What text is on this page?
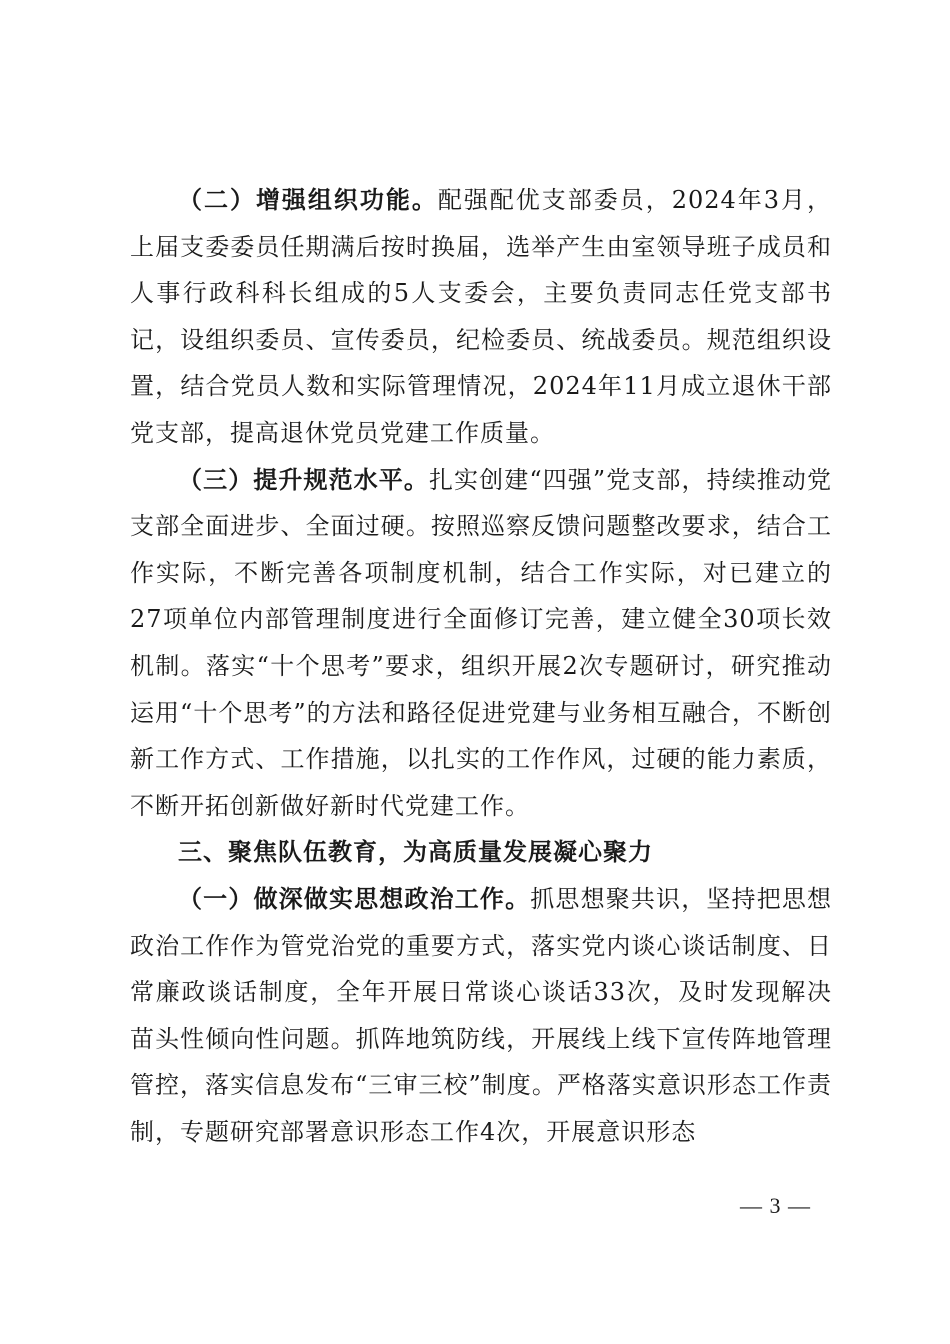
（二）增强组织功能。配强配优支部委员，2024年3月，上届支委委员任期满后按时换届，选举产生由室领导班子成员和人事行政科科长组成的5人支委会，主要负责同志任党支部书记，设组织委员、宣传委员，纪检委员、统战委员。规范组织设置，结合党员人数和实际管理情况，2024年11月成立退休干部党支部，提高退休党员党建工作质量。

（三）提升规范水平。扎实创建“四强”党支部，持续推动党支部全面进步、全面过硬。按照巡察反馈问题整改要求，结合工作实际，不断完善各项制度机制，结合工作实际，对已建立的27项单位内部管理制度进行全面修订完善，建立健全30项长效机制。落实“十个思考”要求，组织开展2次专题研讨，研究推动运用“十个思考”的方法和路径促进党建与业务相互融合，不断创新工作方式、工作措施，以扎实的工作作风，过硬的能力素质，不断开拓创新做好新时代党建工作。

三、聚焦队伍教育，为高质量发展凝心聚力

（一）做深做实思想政治工作。抓思想聚共识，坚持把思想政治工作作为管党治党的重要方式，落实党内谈心谈话制度、日常廉政谈话制度，全年开展日常谈心谈话33次，及时发现解决苗头性倾向性问题。抓阵地筑防线，开展线上线下宣传阵地管理管控，落实信息发布“三审三校”制度。严格落实意识形态工作责制，专题研究部署意识形态工作4次，开展意识形态

— 3 —
